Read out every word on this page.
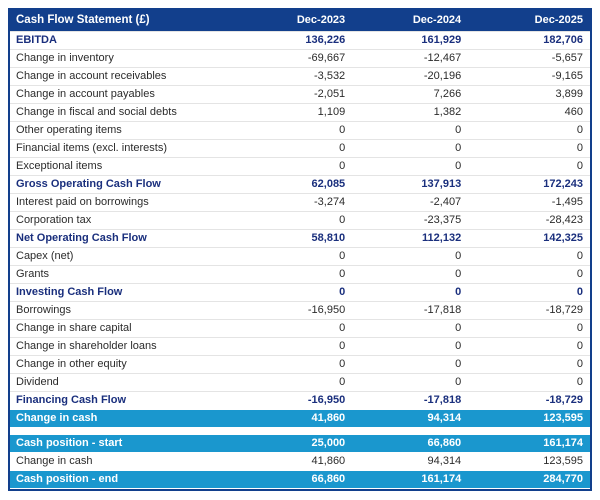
Cash Flow Statement (£)	Dec-2023	Dec-2024	Dec-2025
EBITDA	136,226	161,929	182,706
Change in inventory	-69,667	-12,467	-5,657
Change in account receivables	-3,532	-20,196	-9,165
Change in account payables	-2,051	7,266	3,899
Change in fiscal and social debts	1,109	1,382	460
Other operating items	0	0	0
Financial items (excl. interests)	0	0	0
Exceptional items	0	0	0
Gross Operating Cash Flow	62,085	137,913	172,243
Interest paid on borrowings	-3,274	-2,407	-1,495
Corporation tax	0	-23,375	-28,423
Net Operating Cash Flow	58,810	112,132	142,325
Capex (net)	0	0	0
Grants	0	0	0
Investing Cash Flow	0	0	0
Borrowings	-16,950	-17,818	-18,729
Change in share capital	0	0	0
Change in shareholder loans	0	0	0
Change in other equity	0	0	0
Dividend	0	0	0
Financing Cash Flow	-16,950	-17,818	-18,729
Change in cash	41,860	94,314	123,595

Cash position - start	25,000	66,860	161,174
Change in cash	41,860	94,314	123,595
Cash position - end	66,860	161,174	284,770
